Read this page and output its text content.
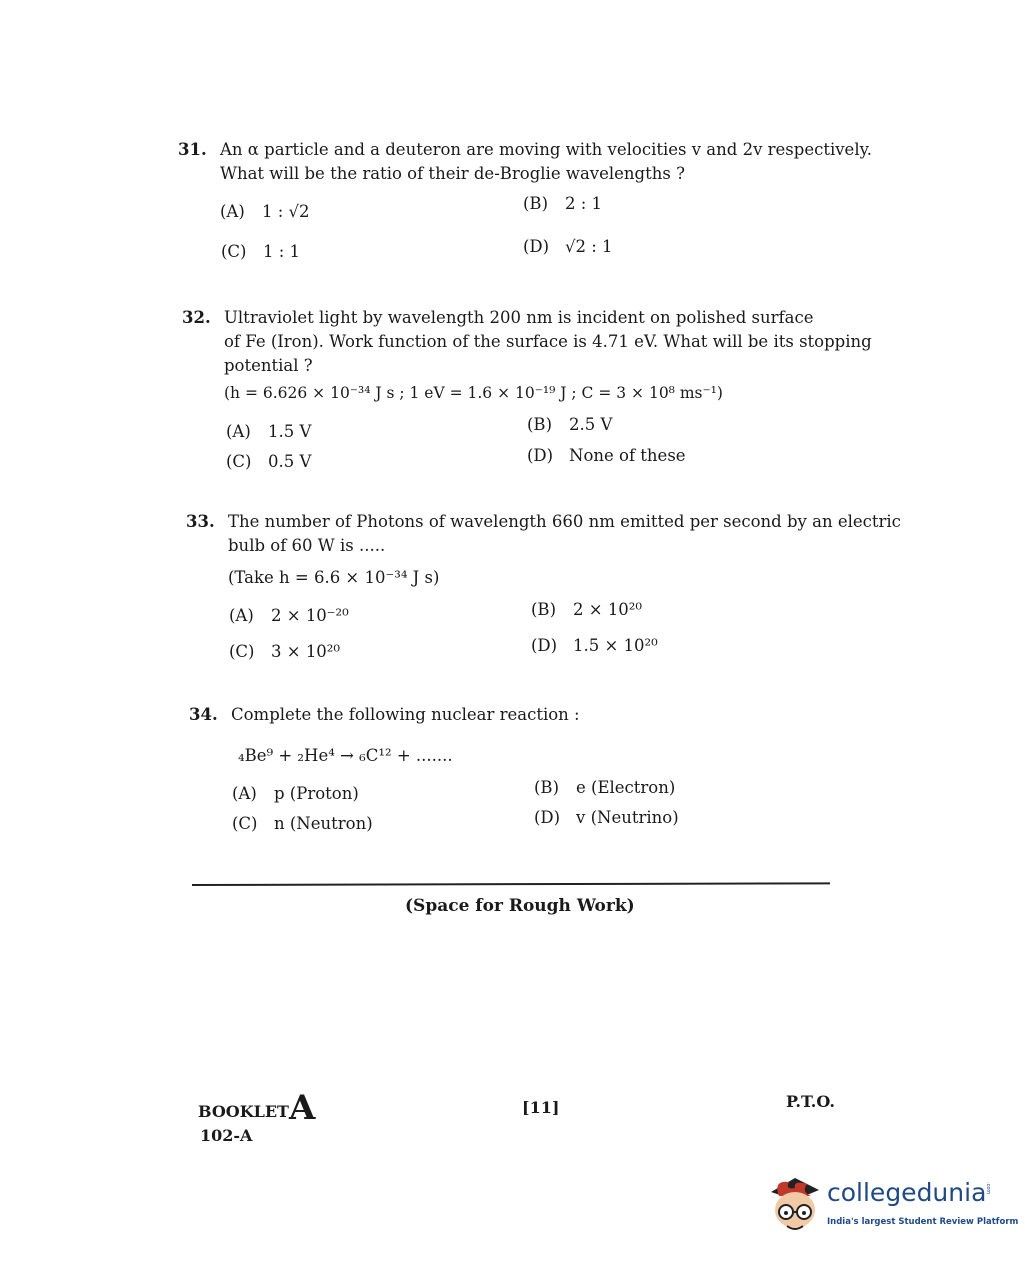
31. An α particle and a deuteron are moving with velocities v and 2v respectively.
What will be the ratio of their de-Broglie wavelengths ?
(A) 1 : √2	(B) 2 : 1
(C) 1 : 1	(D) √2 : 1
32. Ultraviolet light by wavelength 200 nm is incident on polished surface
of Fe (Iron). Work function of the surface is 4.71 eV. What will be its stopping
potential ?
(h = 6.626 × 10⁻³⁴ J s ; 1 eV = 1.6 × 10⁻¹⁹ J ; C = 3 × 10⁸ ms⁻¹)
(A) 1.5 V	(B) 2.5 V
(C) 0.5 V	(D) None of these
33. The number of Photons of wavelength 660 nm emitted per second by an electric
bulb of 60 W is .....
(Take h = 6.6 × 10⁻³⁴ J s)
(A) 2 × 10⁻²⁰	(B) 2 × 10²⁰
(C) 3 × 10²⁰	(D) 1.5 × 10²⁰
34. Complete the following nuclear reaction :
₄Be⁹ + ₂He⁴ → ₆C¹² + .......
(A) p (Proton)	(B) e (Electron)
(C) n (Neutron)	(D) v (Neutrino)
(Space for Rough Work)
BOOKLETA
102-A
[11]	P.T.O.
collegedunia
.com
India's largest Student Review Platform
